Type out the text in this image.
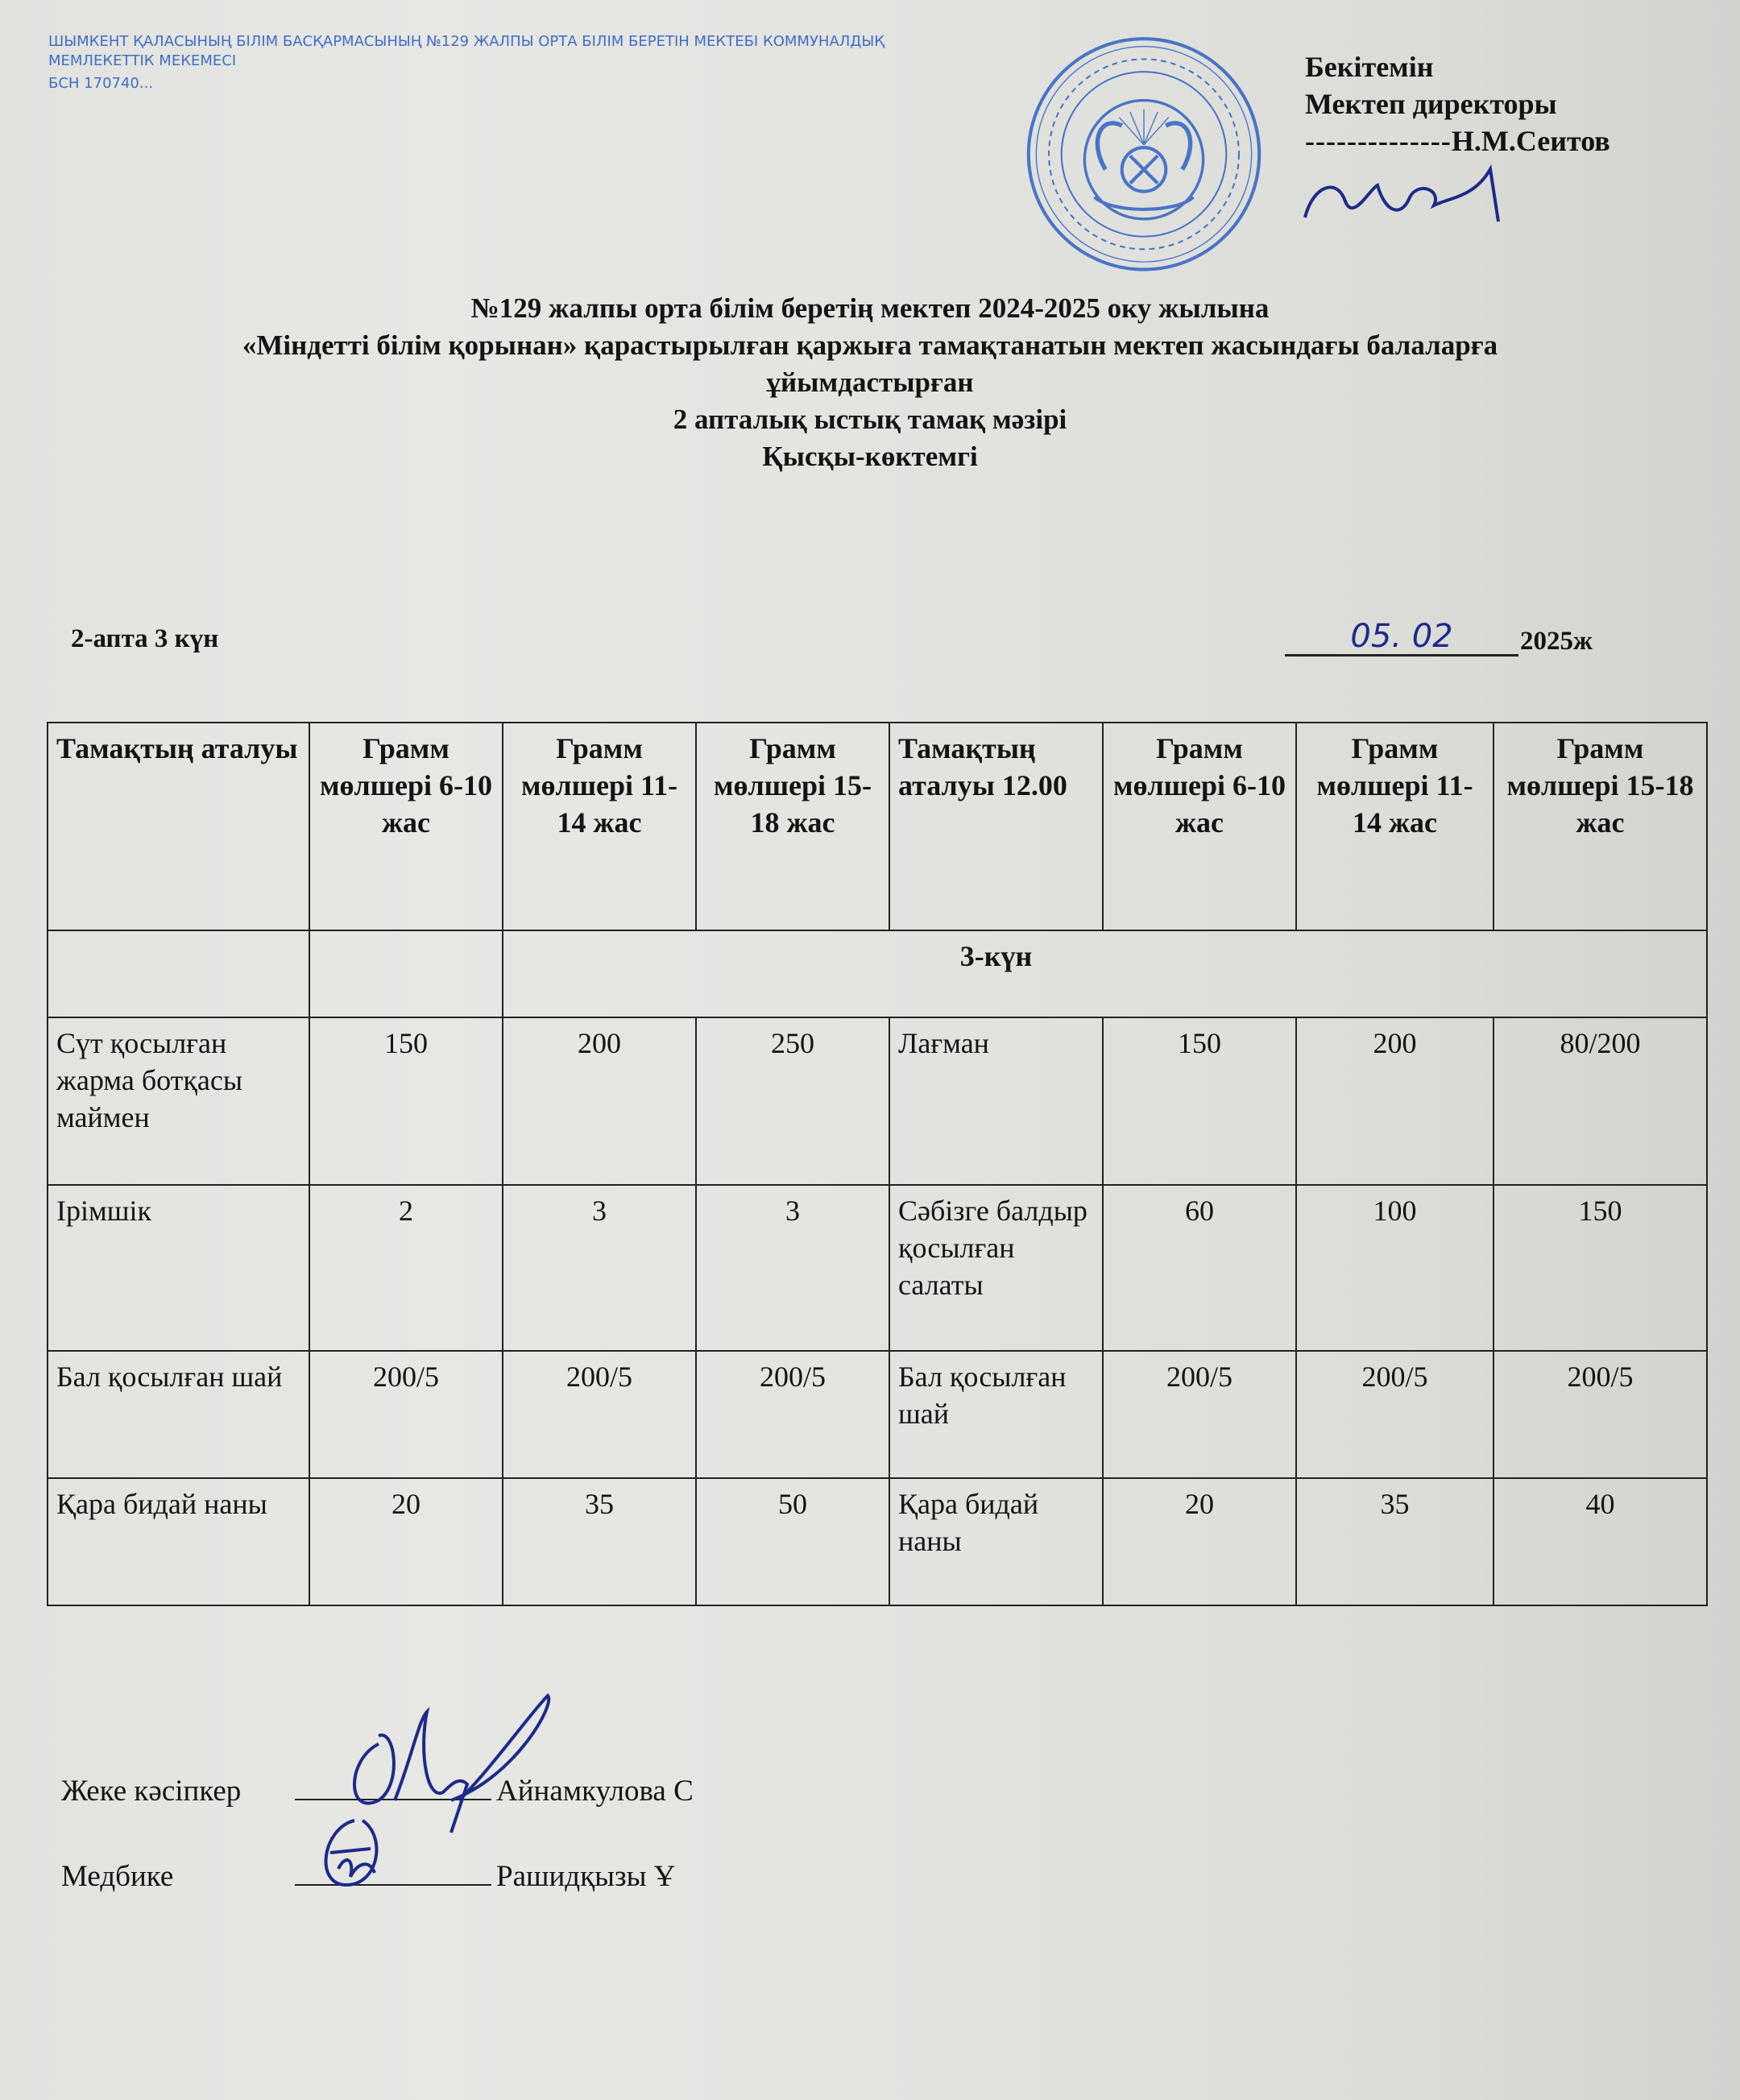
ШЫМКЕНТ ҚАЛАСЫНЫҢ БІЛІМ БАСҚАРМАСЫНЫҢ №129 ЖАЛПЫ ОРТА БІЛІМ БЕРЕТІН МЕКТЕБІ КОММУНАЛДЫҚ МЕМЛЕКЕТТІК МЕКЕМЕСІ
БСН 170740...
Бекітемін
Мектеп директоры
--------------Н.М.Сеитов
№129 жалпы орта білім беретің мектеп 2024-2025 оку жылына
«Міндетті білім қорынан» қарастырылған қаржыға тамақтанатын мектеп жасындағы балаларға
ұйымдастырған
2 апталық ыстық тамақ мәзірі
Қысқы-көктемгі
2-апта 3 күн	05. 02	2025ж
Тамақтың аталуы	Грамм мөлшері 6-10 жас	Грамм мөлшері 11-14 жас	Грамм мөлшері 15-18 жас	Тамақтың аталуы 12.00	Грамм мөлшері 6-10 жас	Грамм мөлшері 11-14 жас	Грамм мөлшері 15-18 жас
		3-күн					
Сүт қосылған жарма ботқасы маймен	150	200	250	Лағман	150	200	80/200
Ірімшік	2	3	3	Сәбізге балдыр қосылған салаты	60	100	150
Бал қосылған шай	200/5	200/5	200/5	Бал қосылған шай	200/5	200/5	200/5
Қара бидай наны	20	35	50	Қара бидай наны	20	35	40
Жеке кәсіпкер	Айнамкулова С
Медбике	Рашидқызы Ұ
